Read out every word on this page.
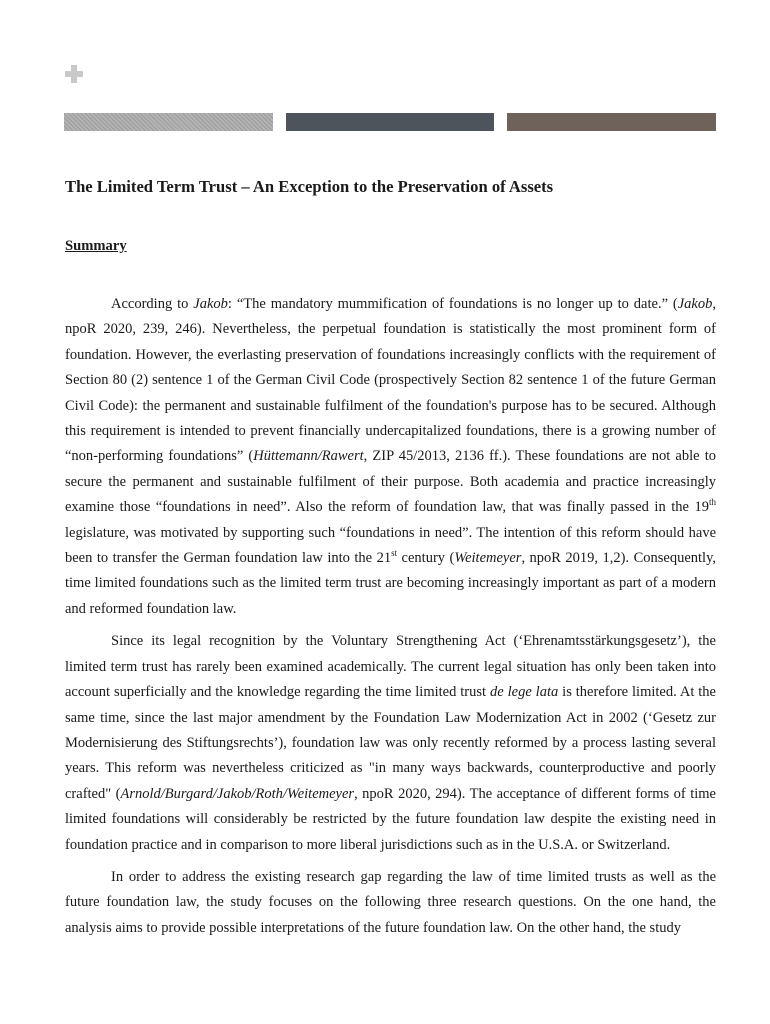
The Limited Term Trust – An Exception to the Preservation of Assets
Summary

According to Jakob: “The mandatory mummification of foundations is no longer up to date.” (Jakob, npoR 2020, 239, 246). Nevertheless, the perpetual foundation is statistically the most prominent form of foundation. However, the everlasting preservation of foundations increasingly conflicts with the requirement of Section 80 (2) sentence 1 of the German Civil Code (prospectively Section 82 sentence 1 of the future German Civil Code): the permanent and sustainable fulfilment of the foundation's purpose has to be secured. Although this requirement is intended to prevent financially undercapitalized foundations, there is a growing number of “non-performing foundations” (Hüttemann/Rawert, ZIP 45/2013, 2136 ff.). These foundations are not able to secure the permanent and sustainable fulfilment of their purpose. Both academia and practice increasingly examine those “foundations in need”. Also the reform of foundation law, that was finally passed in the 19th legislature, was motivated by supporting such “foundations in need”. The intention of this reform should have been to transfer the German foundation law into the 21st century (Weitemeyer, npoR 2019, 1,2). Consequently, time limited foundations such as the limited term trust are becoming increasingly important as part of a modern and reformed foundation law.

Since its legal recognition by the Voluntary Strengthening Act (‘Ehrenamtsstärkungsgesetz’), the limited term trust has rarely been examined academically. The current legal situation has only been taken into account superficially and the knowledge regarding the time limited trust de lege lata is therefore limited. At the same time, since the last major amendment by the Foundation Law Modernization Act in 2002 (‘Gesetz zur Modernisierung des Stiftungsrechts’), foundation law was only recently reformed by a process lasting several years. This reform was nevertheless criticized as "in many ways backwards, counterproductive and poorly crafted" (Arnold/Burgard/Jakob/Roth/Weitemeyer, npoR 2020, 294). The acceptance of different forms of time limited foundations will considerably be restricted by the future foundation law despite the existing need in foundation practice and in comparison to more liberal jurisdictions such as in the U.S.A. or Switzerland.

In order to address the existing research gap regarding the law of time limited trusts as well as the future foundation law, the study focuses on the following three research questions. On the one hand, the analysis aims to provide possible interpretations of the future foundation law. On the other hand, the study
